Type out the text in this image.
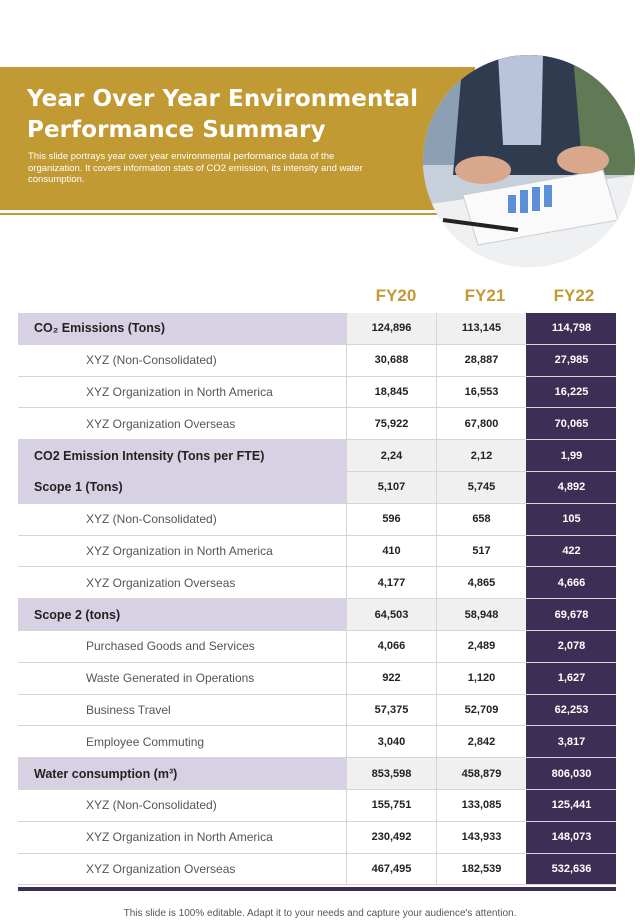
Year Over Year Environmental
Performance Summary

This slide portrays year over year environmental performance data of the organization. It covers information stats of CO2 emission, its intensity and water consumption.

FY20	FY21	FY22
CO₂ Emissions (Tons)	124,896	113,145	114,798
XYZ (Non-Consolidated)	30,688	28,887	27,985
XYZ Organization in North America	18,845	16,553	16,225
XYZ Organization Overseas	75,922	67,800	70,065
CO2 Emission Intensity (Tons per FTE)	2,24	2,12	1,99
Scope 1 (Tons)	5,107	5,745	4,892
XYZ (Non-Consolidated)	596	658	105
XYZ Organization in North America	410	517	422
XYZ Organization Overseas	4,177	4,865	4,666
Scope 2 (tons)	64,503	58,948	69,678
Purchased Goods and Services	4,066	2,489	2,078
Waste Generated in Operations	922	1,120	1,627
Business Travel	57,375	52,709	62,253
Employee Commuting	3,040	2,842	3,817
Water consumption (m³)	853,598	458,879	806,030
XYZ (Non-Consolidated)	155,751	133,085	125,441
XYZ Organization in North America	230,492	143,933	148,073
XYZ Organization Overseas	467,495	182,539	532,636
This slide is 100% editable. Adapt it to your needs and capture your audience's attention.
